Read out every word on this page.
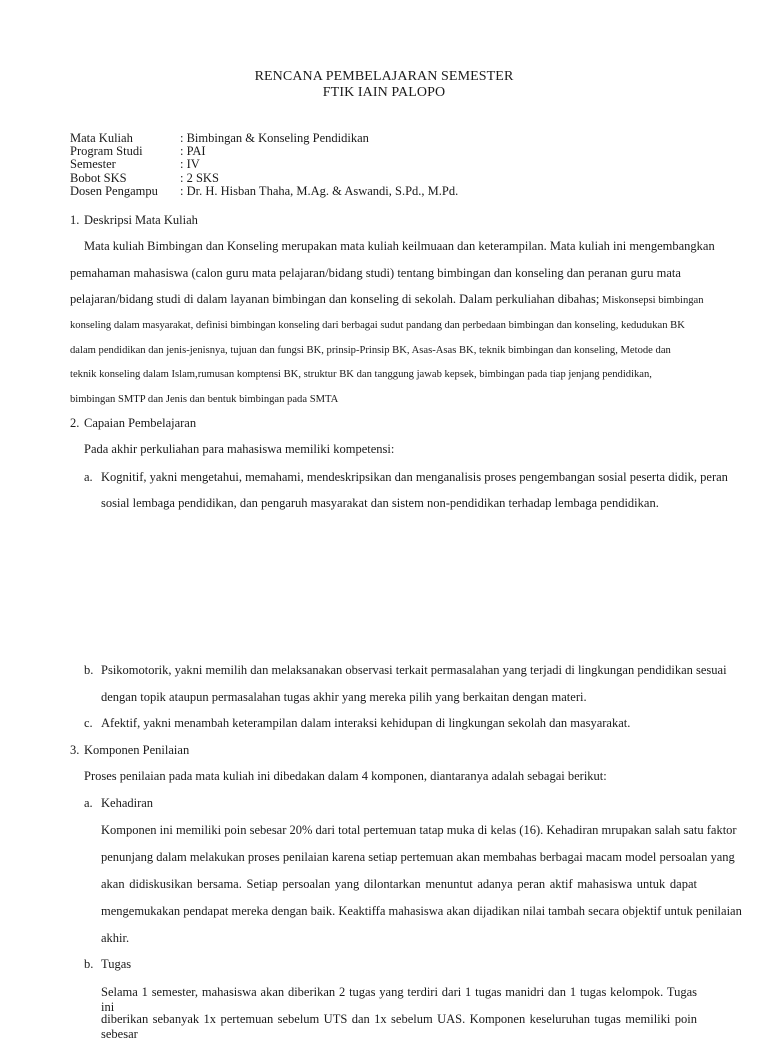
RENCANA PEMBELAJARAN SEMESTER
FTIK IAIN PALOPO
Mata Kuliah	: Bimbingan & Konseling Pendidikan
Program Studi	: PAI
Semester	: IV
Bobot SKS	: 2 SKS
Dosen Pengampu	: Dr. H. Hisban Thaha, M.Ag. & Aswandi, S.Pd., M.Pd.
1. Deskripsi Mata Kuliah
Mata kuliah Bimbingan dan Konseling merupakan mata kuliah keilmuaan dan keterampilan. Mata kuliah ini mengembangkan
pemahaman mahasiswa (calon guru mata pelajaran/bidang studi) tentang bimbingan dan konseling dan peranan guru mata
pelajaran/bidang studi di dalam layanan bimbingan dan konseling di sekolah. Dalam perkuliahan dibahas; Miskonsepsi bimbingan
konseling dalam masyarakat, definisi bimbingan konseling dari berbagai sudut pandang dan perbedaan bimbingan dan konseling, kedudukan BK
dalam pendidikan dan jenis-jenisnya, tujuan dan fungsi BK, prinsip-Prinsip BK, Asas-Asas BK, teknik bimbingan dan konseling, Metode dan
teknik konseling dalam Islam,rumusan komptensi BK, struktur BK dan tanggung jawab kepsek, bimbingan pada tiap jenjang pendidikan,
bimbingan SMTP dan Jenis dan bentuk bimbingan pada SMTA
2. Capaian Pembelajaran
Pada akhir perkuliahan para mahasiswa memiliki kompetensi:
a. Kognitif, yakni mengetahui, memahami, mendeskripsikan dan menganalisis proses pengembangan sosial peserta didik, peran
sosial lembaga pendidikan, dan pengaruh masyarakat dan sistem non-pendidikan terhadap lembaga pendidikan.
b. Psikomotorik, yakni memilih dan melaksanakan observasi terkait permasalahan yang terjadi di lingkungan pendidikan sesuai
dengan topik ataupun permasalahan tugas akhir yang mereka pilih yang berkaitan dengan materi.
c. Afektif, yakni menambah keterampilan dalam interaksi kehidupan di lingkungan sekolah dan masyarakat.
3. Komponen Penilaian
Proses penilaian pada mata kuliah ini dibedakan dalam 4 komponen, diantaranya adalah sebagai berikut:
a. Kehadiran
Komponen ini memiliki poin sebesar 20% dari total pertemuan tatap muka di kelas (16). Kehadiran mrupakan salah satu faktor
penunjang dalam melakukan proses penilaian karena setiap pertemuan akan membahas berbagai macam model persoalan yang
akan didiskusikan bersama. Setiap persoalan yang dilontarkan menuntut adanya peran aktif mahasiswa untuk dapat
mengemukakan pendapat mereka dengan baik. Keaktiffa mahasiswa akan dijadikan nilai tambah secara objektif untuk penilaian
akhir.
b. Tugas
Selama 1 semester, mahasiswa akan diberikan 2 tugas yang terdiri dari 1 tugas manidri dan 1 tugas kelompok. Tugas ini
diberikan sebanyak 1x pertemuan sebelum UTS dan 1x sebelum UAS. Komponen keseluruhan tugas memiliki poin sebesar
